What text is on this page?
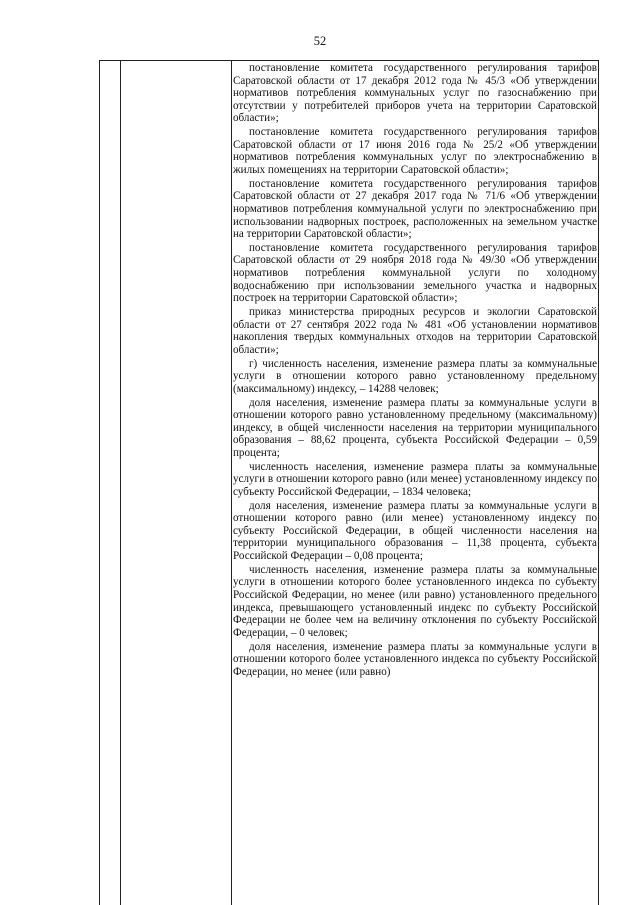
52

постановление комитета государственного регулирования тарифов Саратовской области от 17 декабря 2012 года № 45/3 «Об утверждении нормативов потребления коммунальных услуг по газоснабжению при отсутствии у потребителей приборов учета на территории Саратовской области»;

постановление комитета государственного регулирования тарифов Саратовской области от 17 июня 2016 года № 25/2 «Об утверждении нормативов потребления коммунальных услуг по электроснабжению в жилых помещениях на территории Саратовской области»;

постановление комитета государственного регулирования тарифов Саратовской области от 27 декабря 2017 года № 71/6 «Об утверждении нормативов потребления коммунальной услуги по электроснабжению при использовании надворных построек, расположенных на земельном участке на территории Саратовской области»;

постановление комитета государственного регулирования тарифов Саратовской области от 29 ноября 2018 года № 49/30 «Об утверждении нормативов потребления коммунальной услуги по холодному водоснабжению при использовании земельного участка и надворных построек на территории Саратовской области»;

приказ министерства природных ресурсов и экологии Саратовской области от 27 сентября 2022 года № 481 «Об установлении нормативов накопления твердых коммунальных отходов на территории Саратовской области»;

г) численность населения, изменение размера платы за коммунальные услуги в отношении которого равно установленному предельному (максимальному) индексу, – 14288 человек;

доля населения, изменение размера платы за коммунальные услуги в отношении которого равно установленному предельному (максимальному) индексу, в общей численности населения на территории муниципального образования – 88,62 процента, субъекта Российской Федерации – 0,59 процента;

численность населения, изменение размера платы за коммунальные услуги в отношении которого равно (или менее) установленному индексу по субъекту Российской Федерации, – 1834 человека;

доля населения, изменение размера платы за коммунальные услуги в отношении которого равно (или менее) установленному индексу по субъекту Российской Федерации, в общей численности населения на территории муниципального образования – 11,38 процента, субъекта Российской Федерации – 0,08 процента;

численность населения, изменение размера платы за коммунальные услуги в отношении которого более установленного индекса по субъекту Российской Федерации, но менее (или равно) установленного предельного индекса, превышающего установленный индекс по субъекту Российской Федерации не более чем на величину отклонения по субъекту Российской Федерации, – 0 человек;

доля населения, изменение размера платы за коммунальные услуги в отношении которого более установленного индекса по субъекту Российской Федерации, но менее (или равно)
